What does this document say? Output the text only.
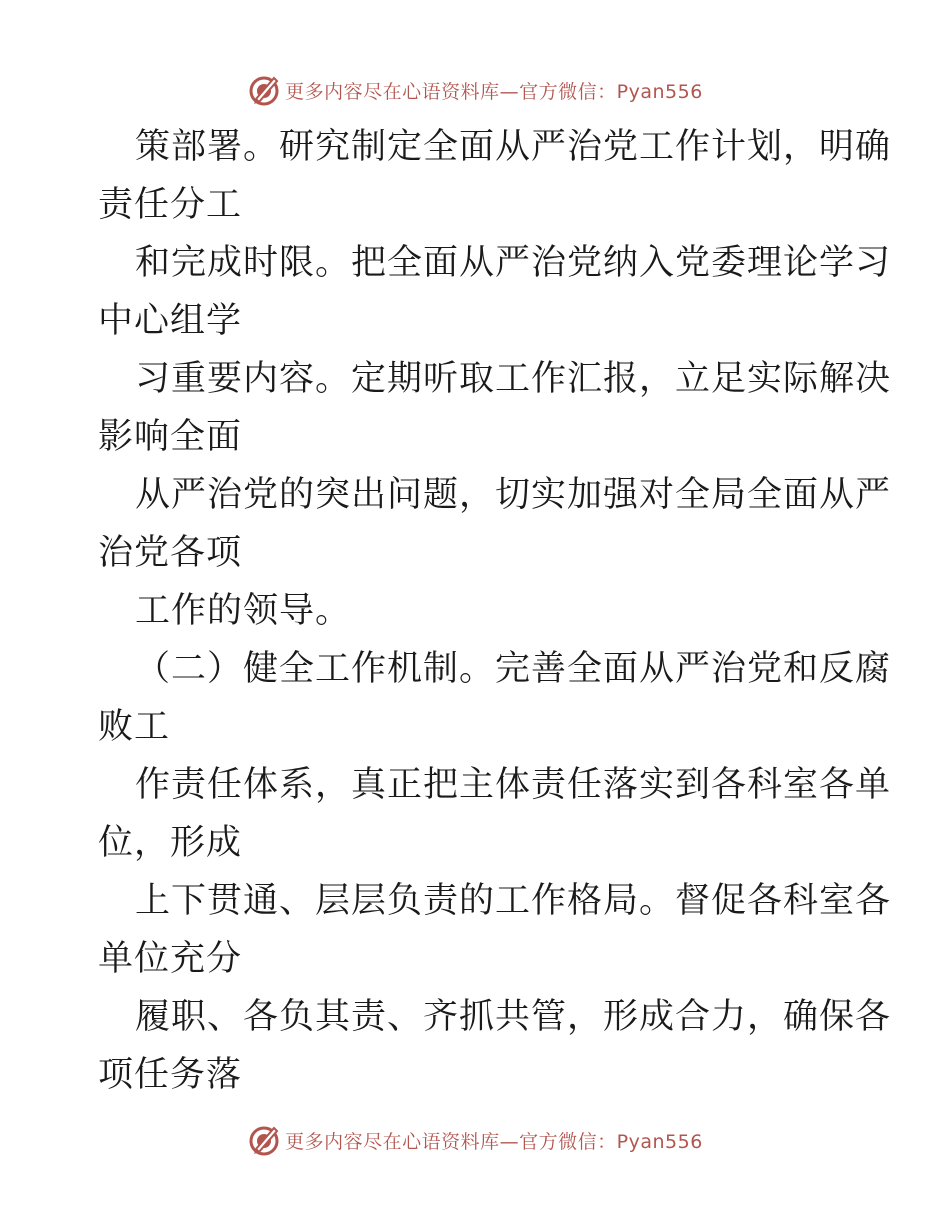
更多内容尽在心语资料库—官方微信：Pyan556
策部署。研究制定全面从严治党工作计划，明确
责任分工
和完成时限。把全面从严治党纳入党委理论学习
中心组学
习重要内容。定期听取工作汇报，立足实际解决
影响全面
从严治党的突出问题，切实加强对全局全面从严
治党各项
工作的领导。
（二）健全工作机制。完善全面从严治党和反腐
败工
作责任体系，真正把主体责任落实到各科室各单
位，形成
上下贯通、层层负责的工作格局。督促各科室各
单位充分
履职、各负其责、齐抓共管，形成合力，确保各
项任务落
更多内容尽在心语资料库—官方微信：Pyan556
